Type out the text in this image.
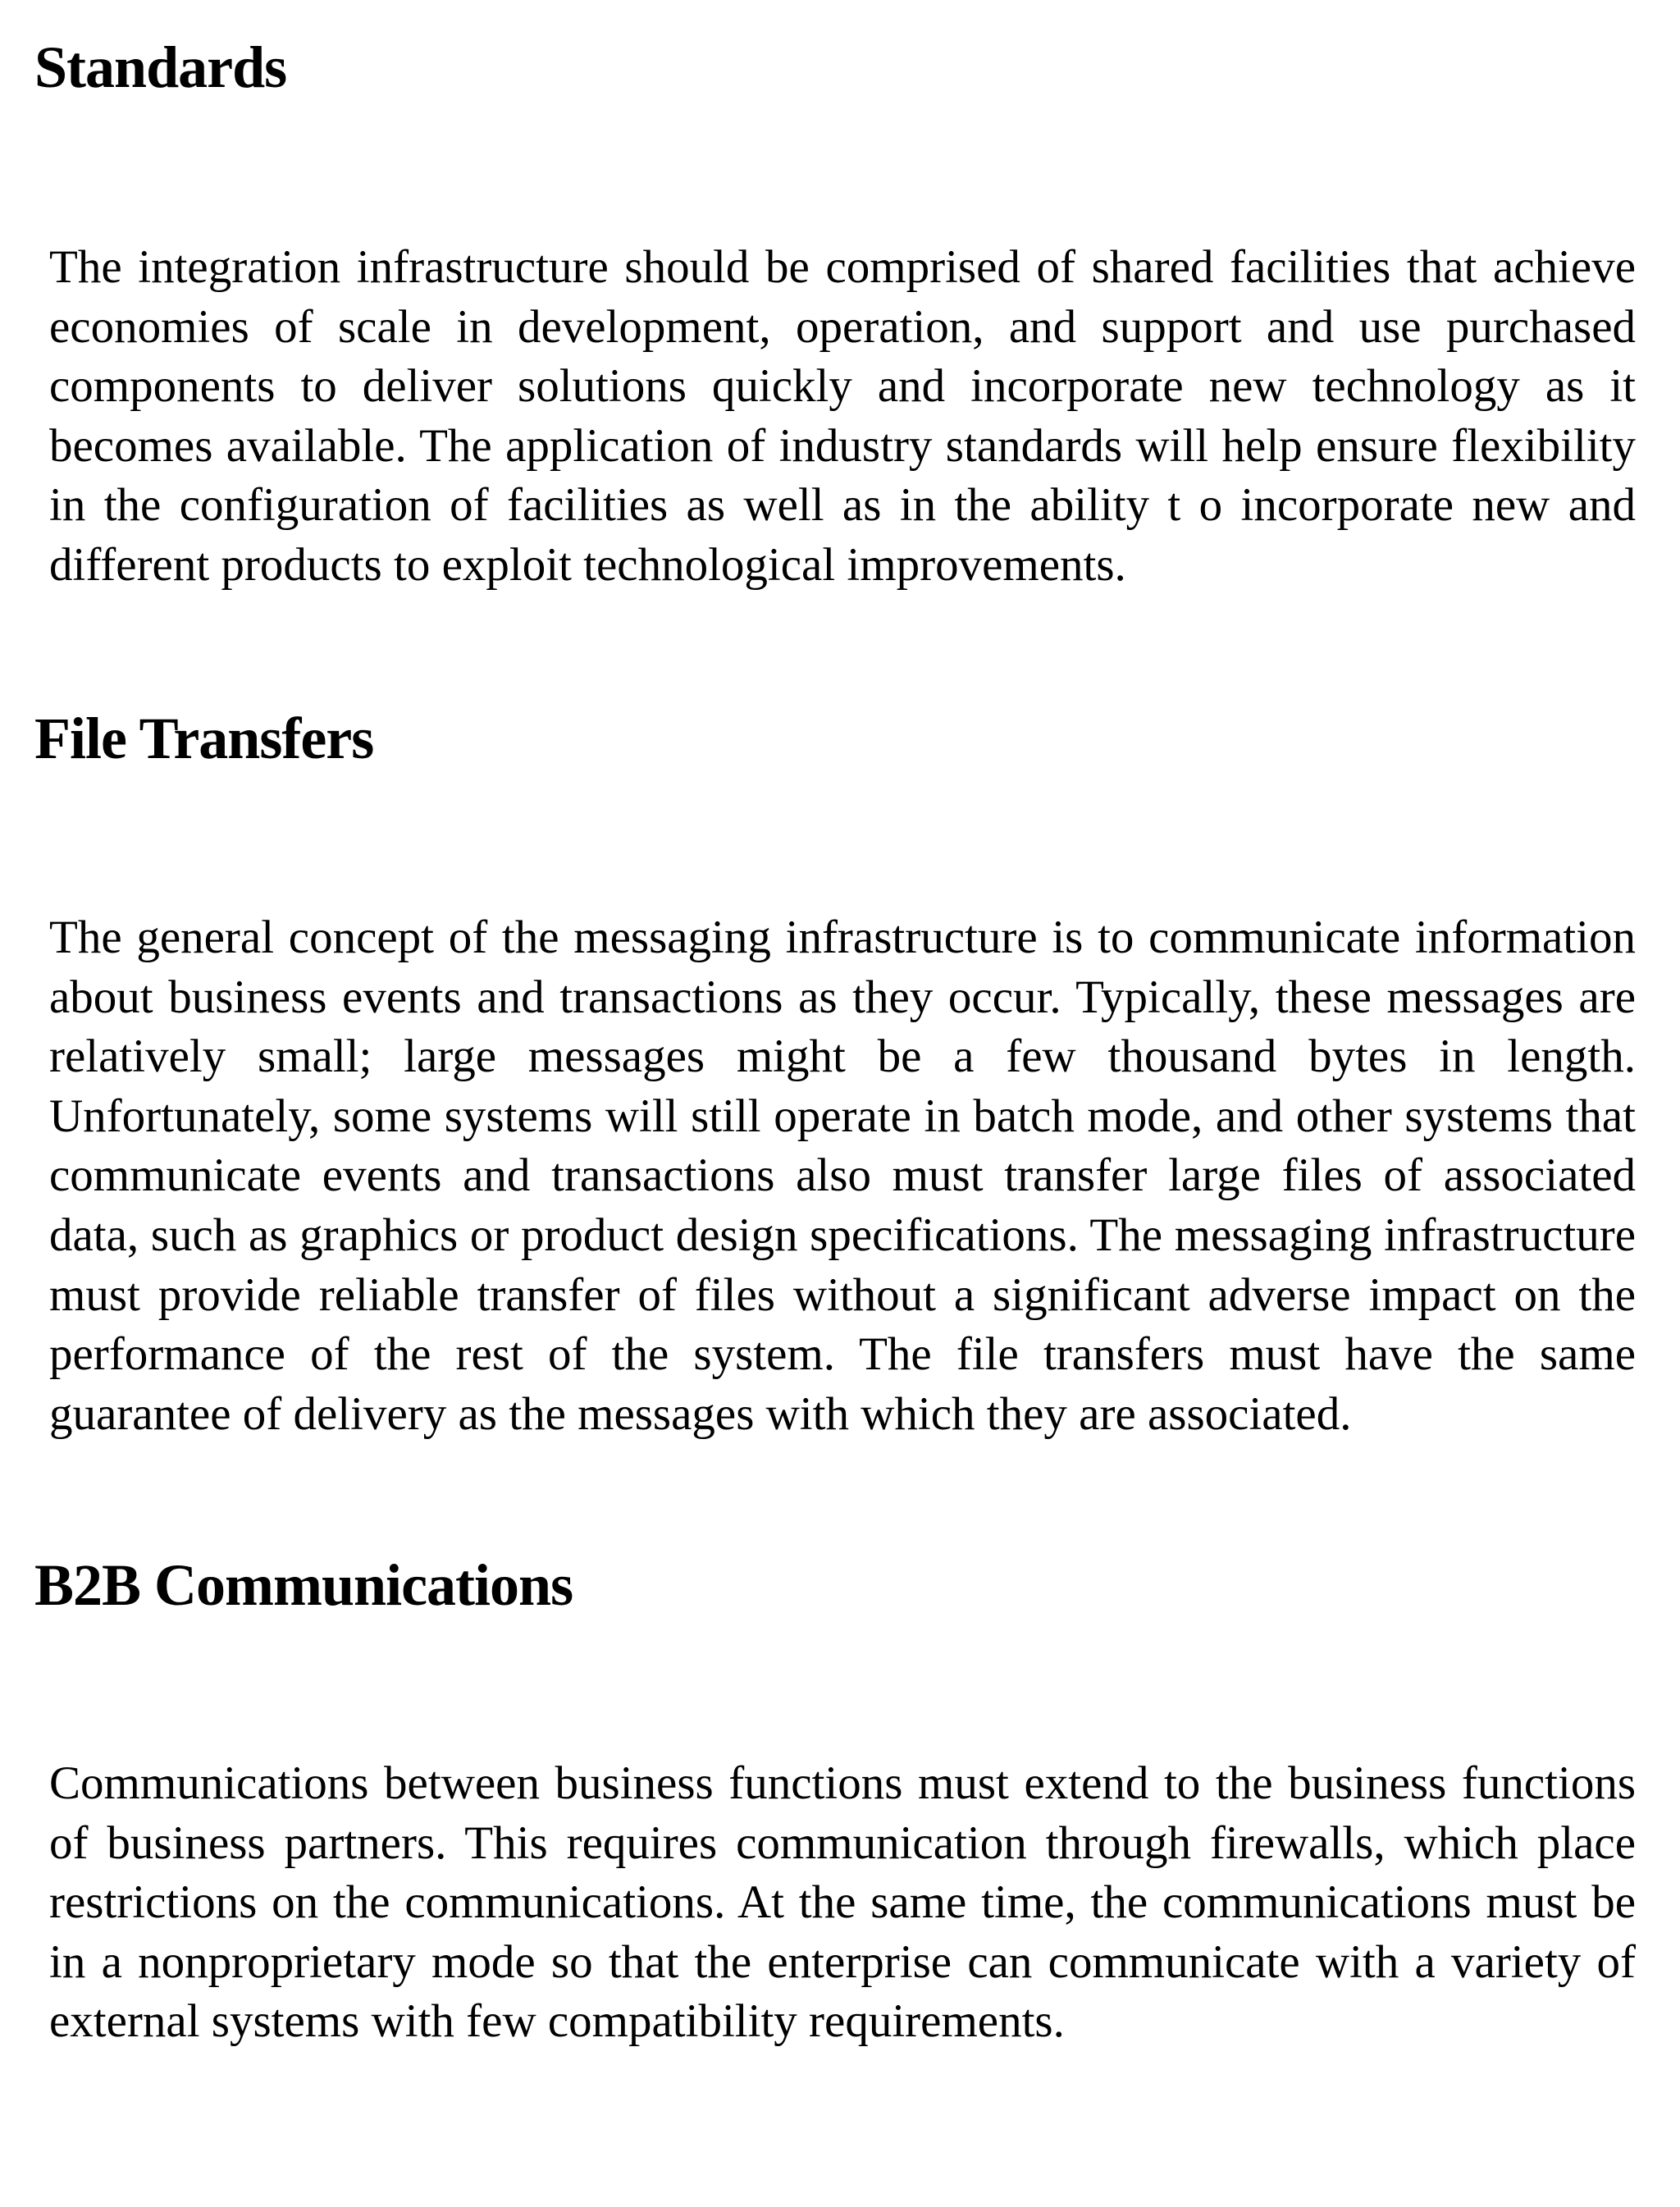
Standards

The integration infrastructure should be comprised of shared facilities that achieve economies of scale in development, operation, and support and use purchased components to deliver solutions quickly and incorporate new technology as it becomes available. The application of industry standards will help ensure flexibility in the configuration of facilities as well as in the ability t o incorporate new and different products to exploit technological improvements.

File Transfers

The general concept of the messaging infrastructure is to communicate information about business events and transactions as they occur. Typically, these messages are relatively small; large messages might be a few thousand bytes in length. Unfortunately, some systems will still operate in batch mode, and other systems that communicate events and transactions also must transfer large files of associated data, such as graphics or product design specifications. The messaging infrastructure must provide reliable transfer of files without a significant adverse impact on the performance of the rest of the system. The file transfers must have the same guarantee of delivery as the messages with which they are associated.

B2B Communications

Communications between business functions must extend to the business functions of business partners. This requires communication through firewalls, which place restrictions on the communications. At the same time, the communications must be in a nonproprietary mode so that the enterprise can communicate with a variety of external systems with few compatibility requirements.
